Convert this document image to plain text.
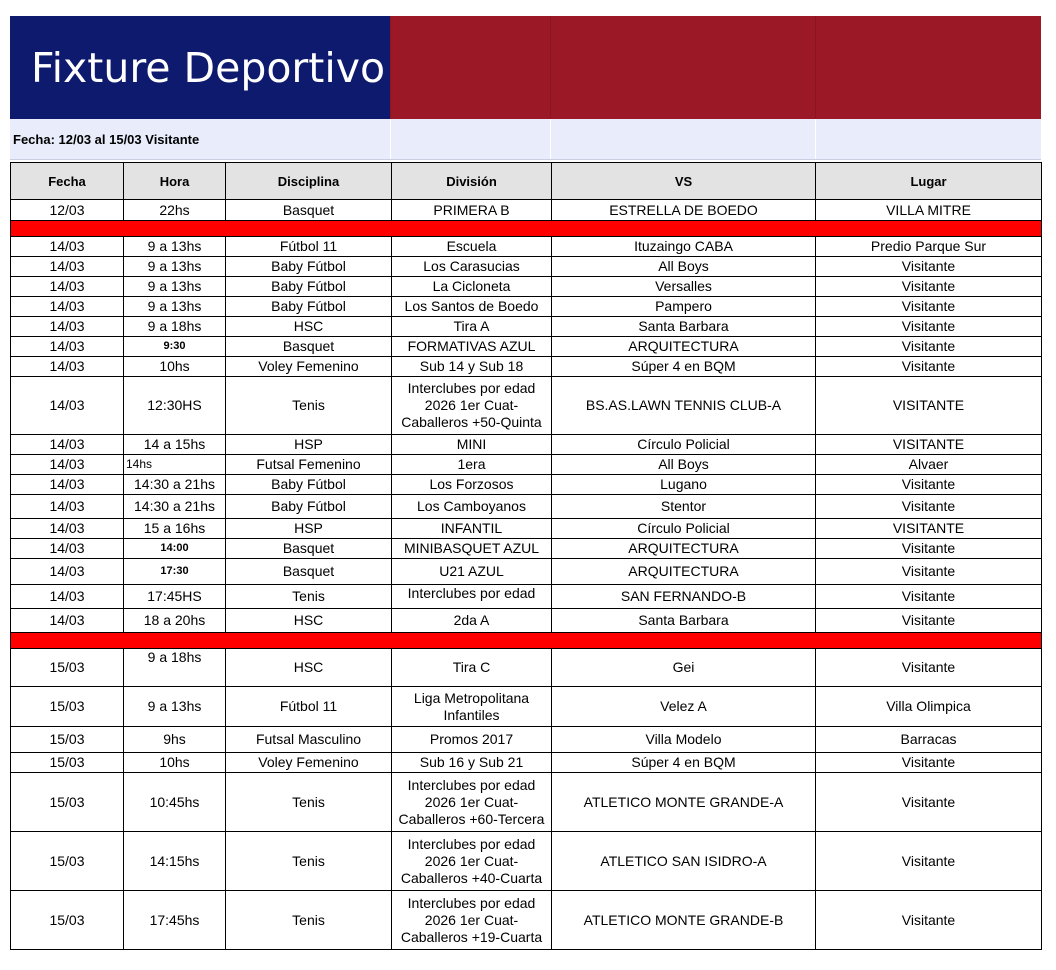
Fixture Deportivo
Fecha: 12/03 al 15/03 Visitante
Fecha	Hora	Disciplina	División	VS	Lugar
12/03	22hs	Basquet	PRIMERA B	ESTRELLA DE BOEDO	VILLA MITRE

14/03	9 a 13hs	Fútbol 11	Escuela	Ituzaingo CABA	Predio Parque Sur
14/03	9 a 13hs	Baby Fútbol	Los Carasucias	All Boys	Visitante
14/03	9 a 13hs	Baby Fútbol	La Cicloneta	Versalles	Visitante
14/03	9 a 13hs	Baby Fútbol	Los Santos de Boedo	Pampero	Visitante
14/03	9 a 18hs	HSC	Tira A	Santa Barbara	Visitante
14/03	9:30	Basquet	FORMATIVAS AZUL	ARQUITECTURA	Visitante
14/03	10hs	Voley Femenino	Sub 14 y Sub 18	Súper 4 en BQM	Visitante
14/03	12:30HS	Tenis	Interclubes por edad 2026 1er Cuat-Caballeros +50-Quinta	BS.AS.LAWN TENNIS CLUB-A	VISITANTE
14/03	14 a 15hs	HSP	MINI	Círculo Policial	VISITANTE
14/03	14hs	Futsal Femenino	1era	All Boys	Alvaer
14/03	14:30 a 21hs	Baby Fútbol	Los Forzosos	Lugano	Visitante
14/03	14:30 a 21hs	Baby Fútbol	Los Camboyanos	Stentor	Visitante
14/03	15 a 16hs	HSP	INFANTIL	Círculo Policial	VISITANTE
14/03	14:00	Basquet	MINIBASQUET AZUL	ARQUITECTURA	Visitante
14/03	17:30	Basquet	U21 AZUL	ARQUITECTURA	Visitante
14/03	17:45HS	Tenis	Interclubes por edad	SAN FERNANDO-B	Visitante
14/03	18 a 20hs	HSC	2da A	Santa Barbara	Visitante

15/03	9 a 18hs	HSC	Tira C	Gei	Visitante
15/03	9 a 13hs	Fútbol 11	Liga Metropolitana Infantiles	Velez A	Villa Olimpica
15/03	9hs	Futsal Masculino	Promos 2017	Villa Modelo	Barracas
15/03	10hs	Voley Femenino	Sub 16 y Sub 21	Súper 4 en BQM	Visitante
15/03	10:45hs	Tenis	Interclubes por edad 2026 1er Cuat-Caballeros +60-Tercera	ATLETICO MONTE GRANDE-A	Visitante
15/03	14:15hs	Tenis	Interclubes por edad 2026 1er Cuat-Caballeros +40-Cuarta	ATLETICO SAN ISIDRO-A	Visitante
15/03	17:45hs	Tenis	Interclubes por edad 2026 1er Cuat-Caballeros +19-Cuarta	ATLETICO MONTE GRANDE-B	Visitante
